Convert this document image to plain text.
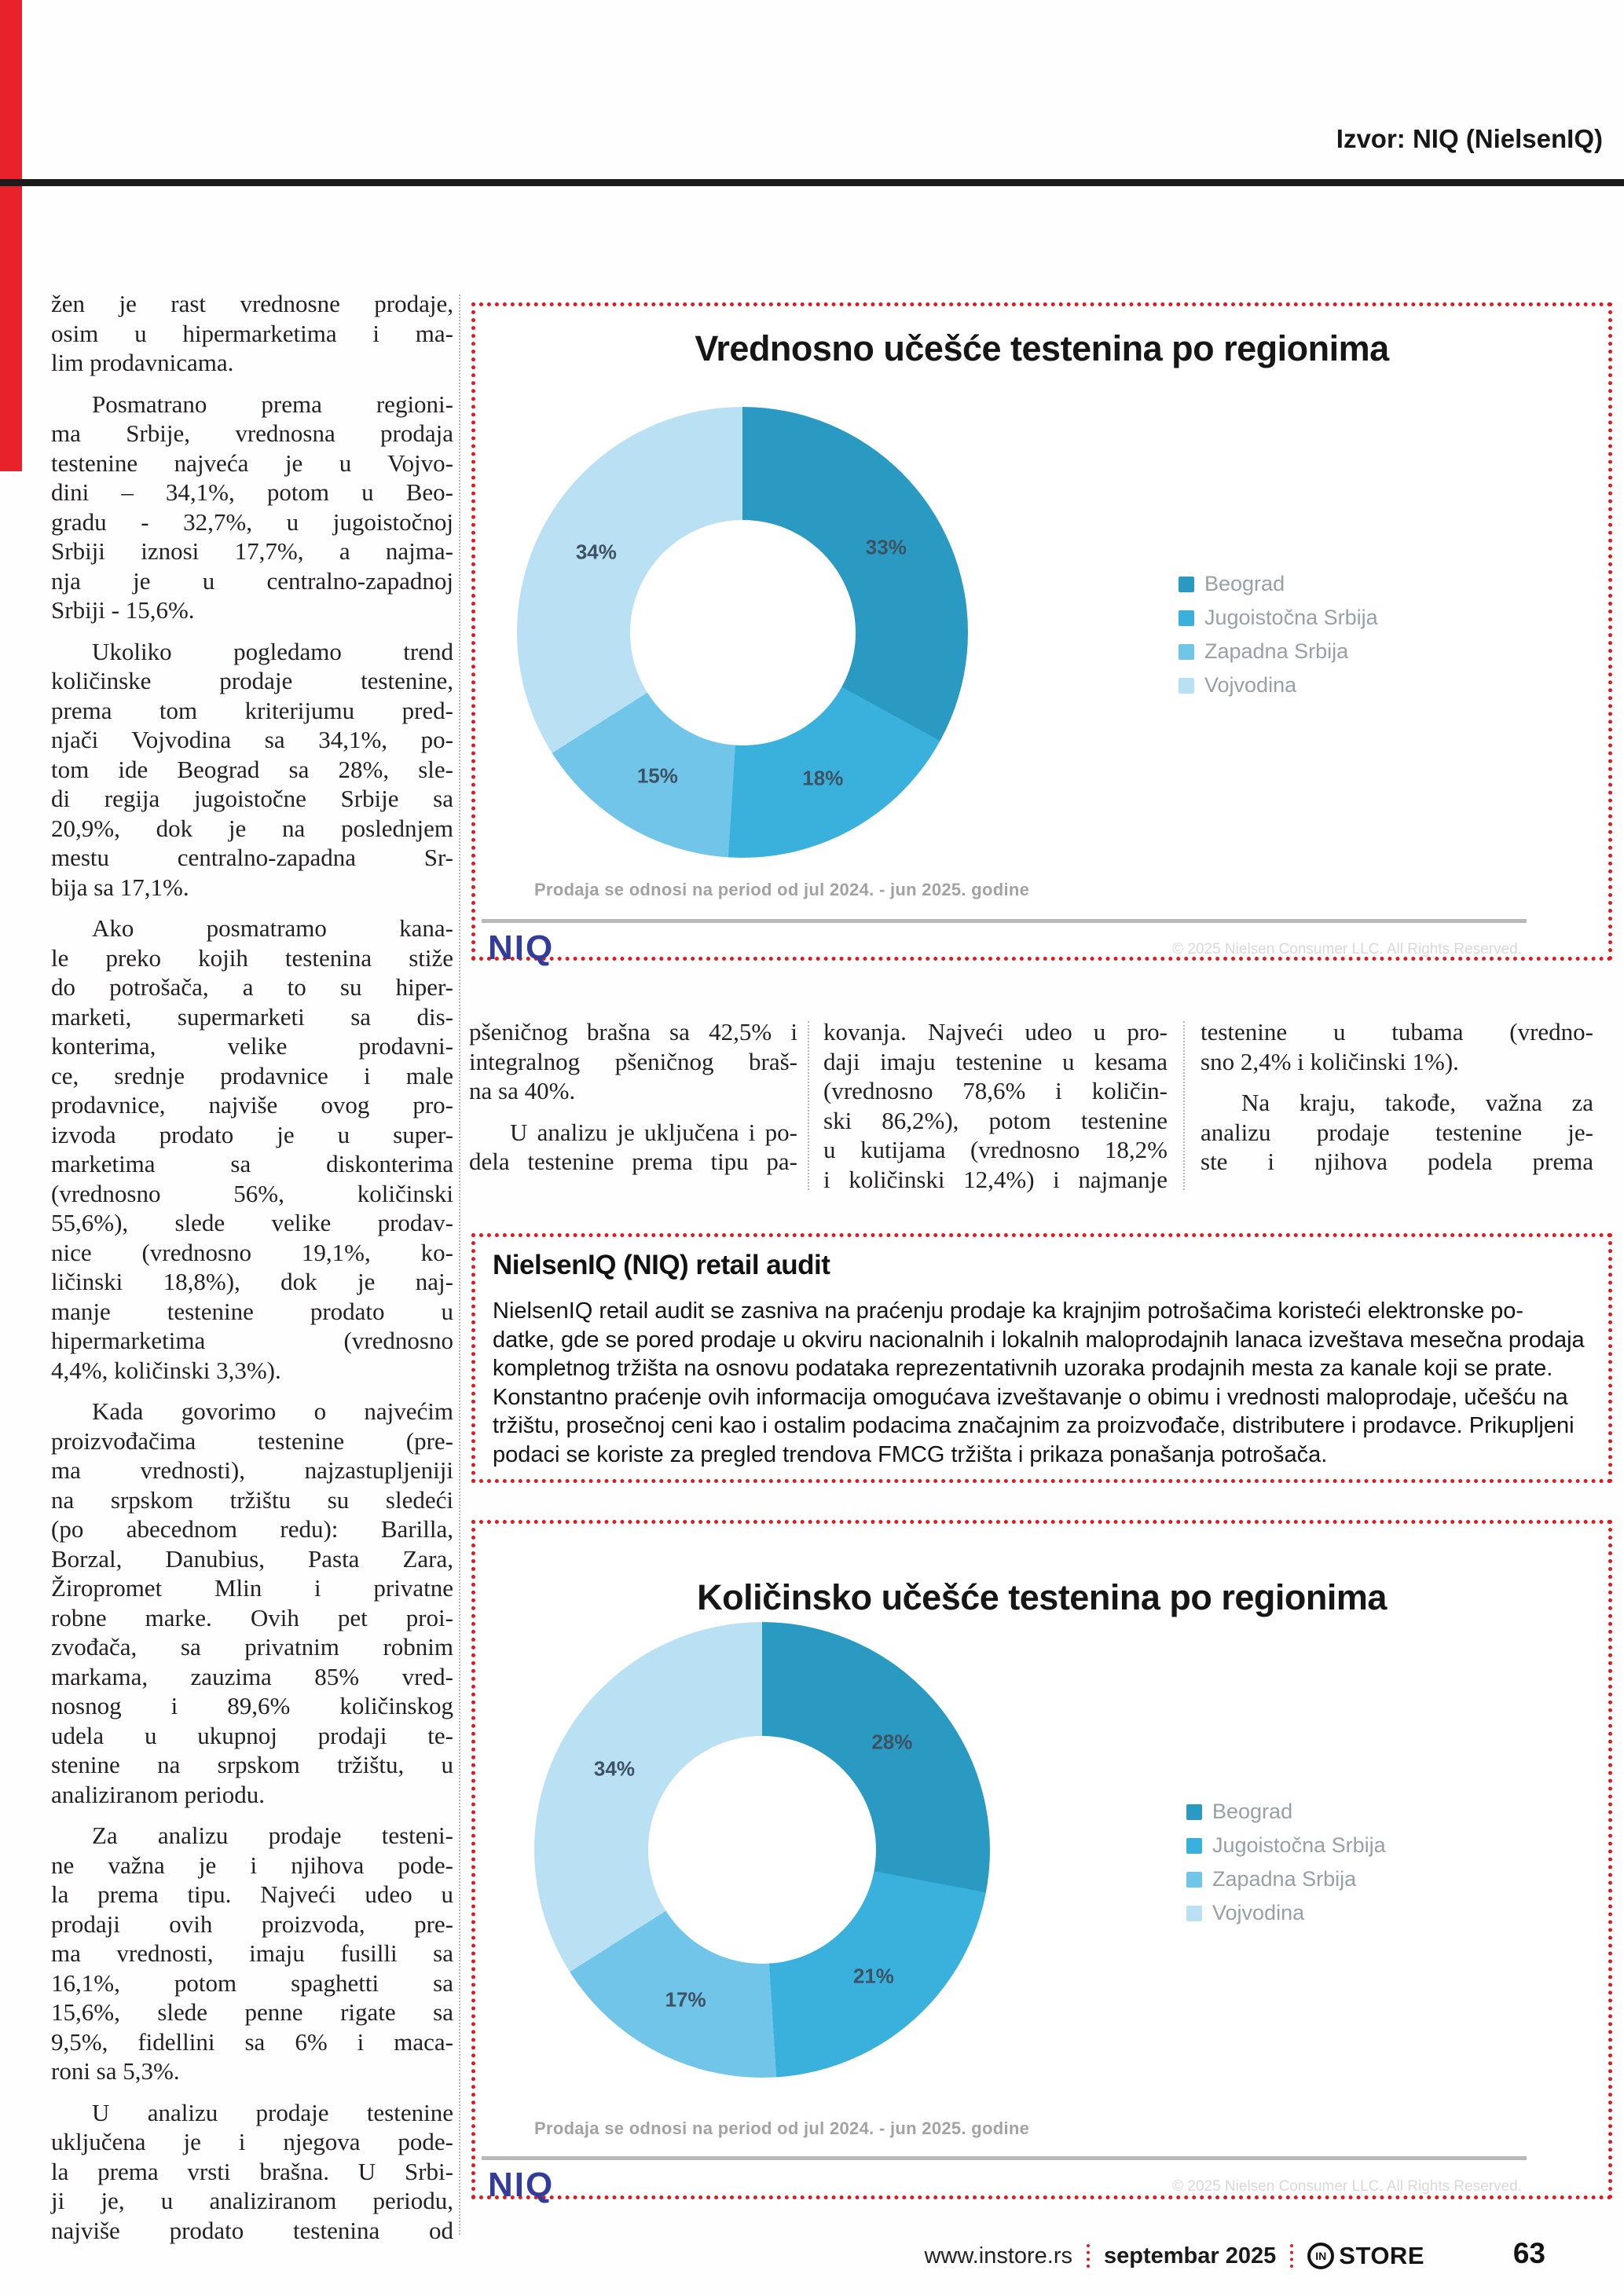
Izvor: NIQ (NielsenIQ)
žen je rast vrednosne prodaje,
osim u hipermarketima i ma-
lim prodavnicama.
Posmatrano prema regioni-
ma Srbije, vrednosna prodaja
testenine najveća je u Vojvo-
dini – 34,1%, potom u Beo-
gradu - 32,7%, u jugoistočnoj
Srbiji iznosi 17,7%, a najma-
nja je u centralno-zapadnoj
Srbiji - 15,6%.
Ukoliko pogledamo trend
količinske prodaje testenine,
prema tom kriterijumu pred-
njači Vojvodina sa 34,1%, po-
tom ide Beograd sa 28%, sle-
di regija jugoistočne Srbije sa
20,9%, dok je na poslednjem
mestu centralno-zapadna Sr-
bija sa 17,1%.
Ako posmatramo kana-
le preko kojih testenina stiže
do potrošača, a to su hiper-
marketi, supermarketi sa dis-
konterima, velike prodavni-
ce, srednje prodavnice i male
prodavnice, najviše ovog pro-
izvoda prodato je u super-
marketima sa diskonterima
(vrednosno 56%, količinski
55,6%), slede velike prodav-
nice (vrednosno 19,1%, ko-
ličinski 18,8%), dok je naj-
manje testenine prodato u
hipermarketima (vrednosno
4,4%, količinski 3,3%).
Kada govorimo o najvećim
proizvođačima testenine (pre-
ma vrednosti), najzastupljeniji
na srpskom tržištu su sledeći
(po abecednom redu): Barilla,
Borzal, Danubius, Pasta Zara,
Žiropromet Mlin i privatne
robne marke. Ovih pet proi-
zvođača, sa privatnim robnim
markama, zauzima 85% vred-
nosnog i 89,6% količinskog
udela u ukupnoj prodaji te-
stenine na srpskom tržištu, u
analiziranom periodu.
Za analizu prodaje testeni-
ne važna je i njihova pode-
la prema tipu. Najveći udeo u
prodaji ovih proizvoda, pre-
ma vrednosti, imaju fusilli sa
16,1%, potom spaghetti sa
15,6%, slede penne rigate sa
9,5%, fidellini sa 6% i maca-
roni sa 5,3%.
U analizu prodaje testenine
uključena je i njegova pode-
la prema vrsti brašna. U Srbi-
ji je, u analiziranom periodu,
najviše prodato testenina od
Vrednosno učešće testenina po regionima
Beograd
Jugoistočna Srbija
Zapadna Srbija
Vojvodina
Prodaja se odnosi na period od jul 2024. - jun 2025. godine
NIQ	© 2025 Nielsen Consumer LLC. All Rights Reserved.
33%
18%
15%
34%
pšeničnog brašna sa 42,5% i
integralnog pšeničnog braš-
na sa 40%.
U analizu je uključena i po-
dela testenine prema tipu pa-
kovanja. Najveći udeo u pro-
daji imaju testenine u kesama
(vrednosno 78,6% i količin-
ski 86,2%), potom testenine
u kutijama (vrednosno 18,2%
i količinski 12,4%) i najmanje
testenine u tubama (vredno-
sno 2,4% i količinski 1%).
Na kraju, takođe, važna za
analizu prodaje testenine je-
ste i njihova podela prema
NielsenIQ (NIQ) retail audit
NielsenIQ retail audit se zasniva na praćenju prodaje ka krajnjim potrošačima koristeći elektronske po-
datke, gde se pored prodaje u okviru nacionalnih i lokalnih maloprodajnih lanaca izveštava mesečna prodaja
kompletnog tržišta na osnovu podataka reprezentativnih uzoraka prodajnih mesta za kanale koji se prate.
Konstantno praćenje ovih informacija omogućava izveštavanje o obimu i vrednosti maloprodaje, učešću na
tržištu, prosečnoj ceni kao i ostalim podacima značajnim za proizvođače, distributere i prodavce. Prikupljeni
podaci se koriste za pregled trendova FMCG tržišta i prikaza ponašanja potrošača.
Količinsko učešće testenina po regionima
Beograd
Jugoistočna Srbija
Zapadna Srbija
Vojvodina
Prodaja se odnosi na period od jul 2024. - jun 2025. godine
NIQ	© 2025 Nielsen Consumer LLC. All Rights Reserved.
28%
21%
17%
34%
www.instore.rs septembar 2025	IN STORE	63
